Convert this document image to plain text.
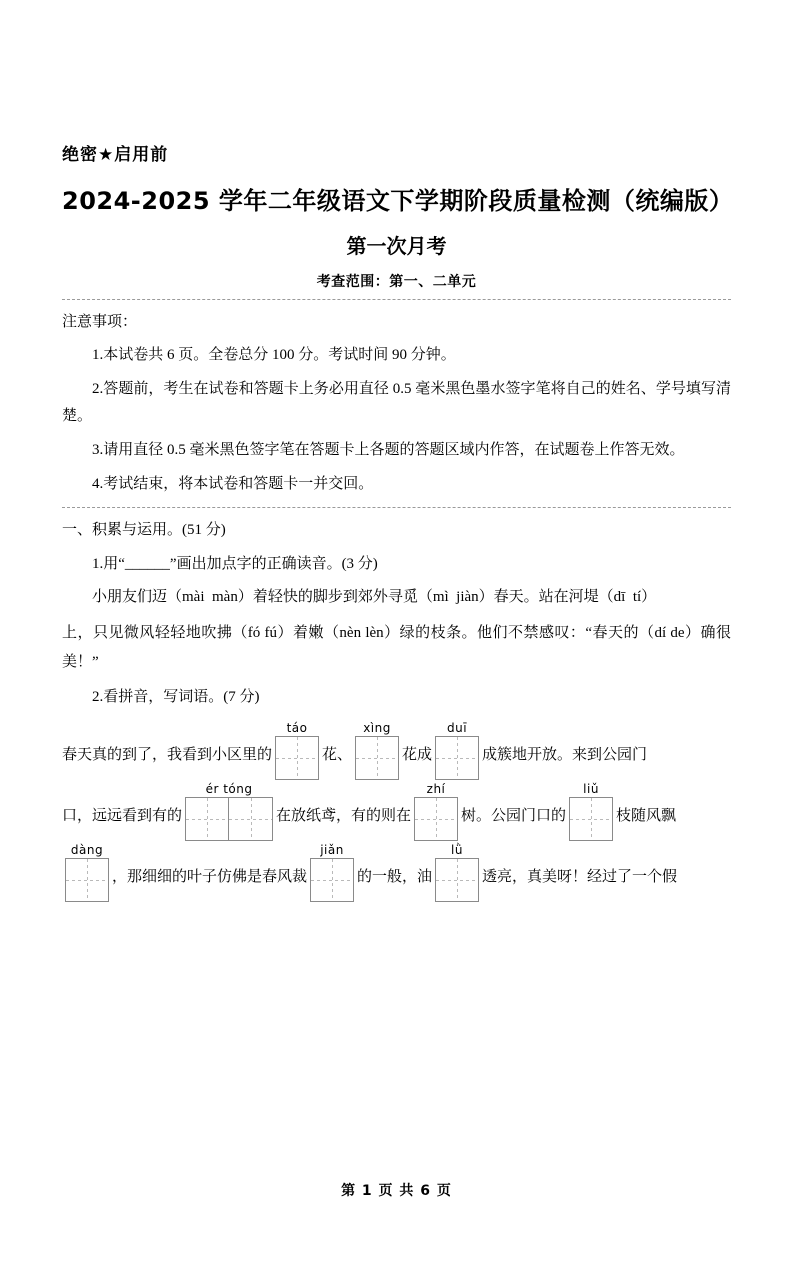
绝密★启用前
2024-2025 学年二年级语文下学期阶段质量检测（统编版）
第一次月考
考查范围：第一、二单元
注意事项：
1.本试卷共 6 页。全卷总分 100 分。考试时间 90 分钟。
2.答题前，考生在试卷和答题卡上务必用直径 0.5 毫米黑色墨水签字笔将自己的姓名、学号填写清楚。
3.请用直径 0.5 毫米黑色签字笔在答题卡上各题的答题区域内作答，在试题卷上作答无效。
4.考试结束，将本试卷和答题卡一并交回。
一、积累与运用。(51 分)
1.用“______”画出加点字的正确读音。(3 分)
小朋友们迈（mài màn）着轻快的脚步到郊外寻觅（mì jiàn）春天。站在河堤（dī tí）
上，只见微风轻轻地吹拂（fó fú）着嫩（nèn lèn）绿的枝条。他们不禁感叹：“春天的（dí de）确很美！”
2.看拼音，写词语。(7 分)
春天真的到了，我看到小区里的
táo
花、
xìng
花成
duī
成簇地开放。来到公园门
口，远远看到有的
ér tóng
在放纸鸢，有的则在
zhí
树。公园门口的
liǔ
枝随风飘
dàng
，那细细的叶子仿佛是春风裁
jiǎn
的一般，油
lǜ
透亮，真美呀！经过了一个假
第 1 页 共 6 页
